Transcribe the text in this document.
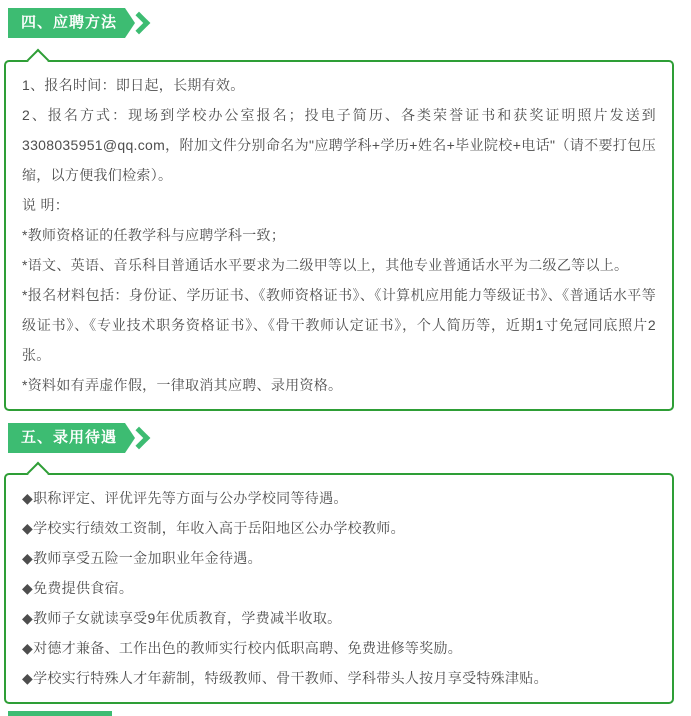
四、应聘方法

1、报名时间：即日起，长期有效。

2、报名方式：现场到学校办公室报名；投电子简历、各类荣誉证书和获奖证明照片发送到3308035951@qq.com，附加文件分别命名为"应聘学科+学历+姓名+毕业院校+电话"（请不要打包压缩，以方便我们检索）。

说 明：

*教师资格证的任教学科与应聘学科一致；

*语文、英语、音乐科目普通话水平要求为二级甲等以上，其他专业普通话水平为二级乙等以上。

*报名材料包括：身份证、学历证书、《教师资格证书》、《计算机应用能力等级证书》、《普通话水平等级证书》、《专业技术职务资格证书》、《骨干教师认定证书》，个人简历等，近期1寸免冠同底照片2张。

*资料如有弄虚作假，一律取消其应聘、录用资格。

五、录用待遇

◆职称评定、评优评先等方面与公办学校同等待遇。

◆学校实行绩效工资制，年收入高于岳阳地区公办学校教师。

◆教师享受五险一金加职业年金待遇。

◆免费提供食宿。

◆教师子女就读享受9年优质教育，学费减半收取。

◆对德才兼备、工作出色的教师实行校内低职高聘、免费进修等奖励。

◆学校实行特殊人才年薪制，特级教师、骨干教师、学科带头人按月享受特殊津贴。
